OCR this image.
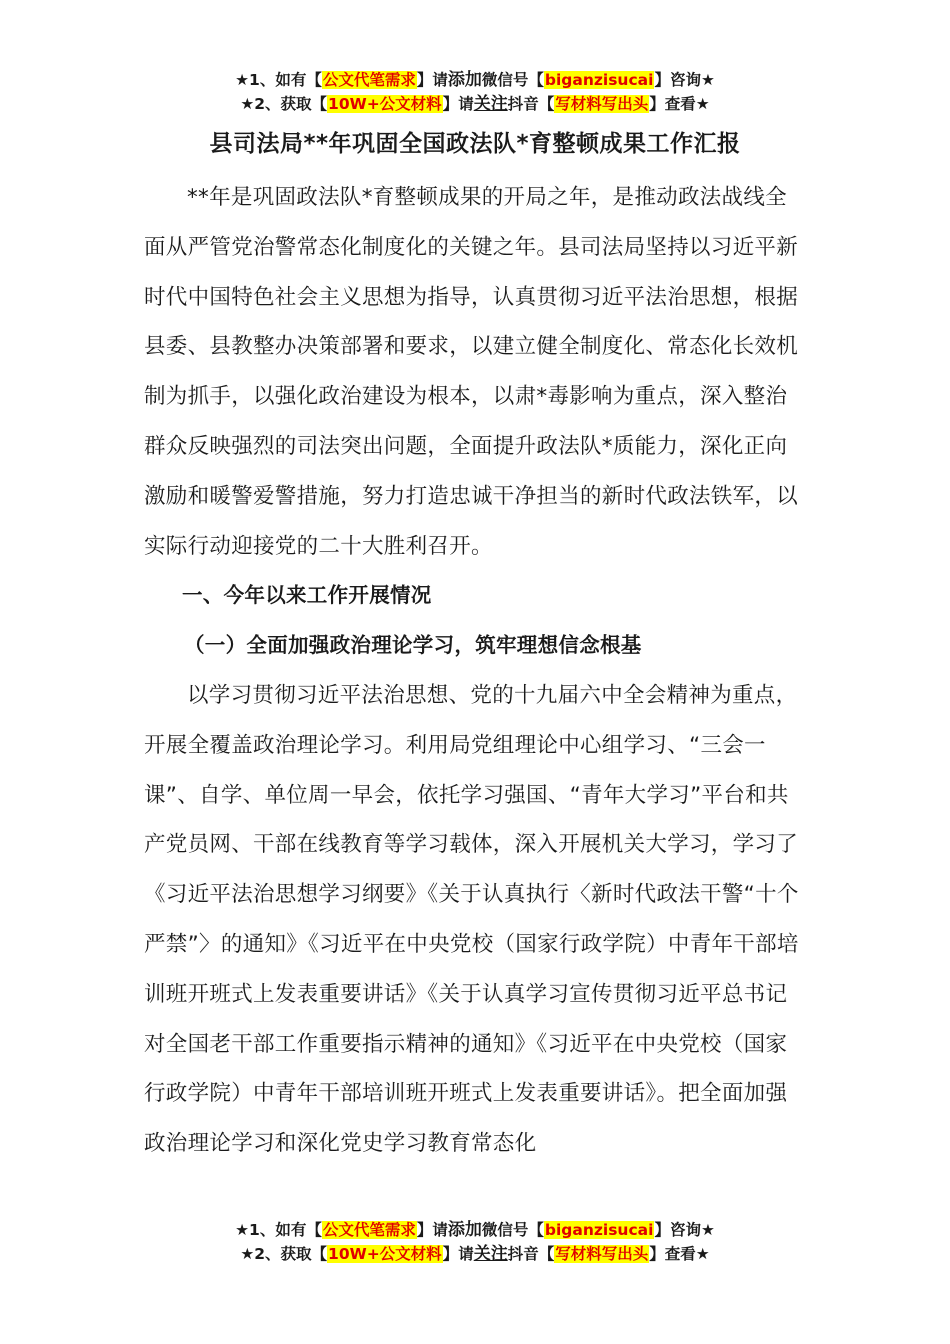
★1、如有【公文代笔需求】请添加微信号【biganzisucai】咨询★
★2、获取【10W+公文材料】请关注抖音【写材料写出头】查看★
县司法局**年巩固全国政法队*育整顿成果工作汇报

**年是巩固政法队*育整顿成果的开局之年，是推动政法战线全面从严管党治警常态化制度化的关键之年。县司法局坚持以习近平新时代中国特色社会主义思想为指导，认真贯彻习近平法治思想，根据县委、县教整办决策部署和要求，以建立健全制度化、常态化长效机制为抓手，以强化政治建设为根本，以肃*毒影响为重点，深入整治群众反映强烈的司法突出问题，全面提升政法队*质能力，深化正向激励和暖警爱警措施，努力打造忠诚干净担当的新时代政法铁军，以实际行动迎接党的二十大胜利召开。

一、今年以来工作开展情况

（一）全面加强政治理论学习，筑牢理想信念根基

以学习贯彻习近平法治思想、党的十九届六中全会精神为重点，开展全覆盖政治理论学习。利用局党组理论中心组学习、“三会一课”、自学、单位周一早会，依托学习强国、“青年大学习”平台和共产党员网、干部在线教育等学习载体，深入开展机关大学习，学习了《习近平法治思想学习纲要》《关于认真执行〈新时代政法干警“十个严禁”〉的通知》《习近平在中央党校（国家行政学院）中青年干部培训班开班式上发表重要讲话》《关于认真学习宣传贯彻习近平总书记对全国老干部工作重要指示精神的通知》《习近平在中央党校（国家行政学院）中青年干部培训班开班式上发表重要讲话》。把全面加强政治理论学习和深化党史学习教育常态化

★1、如有【公文代笔需求】请添加微信号【biganzisucai】咨询★
★2、获取【10W+公文材料】请关注抖音【写材料写出头】查看★
